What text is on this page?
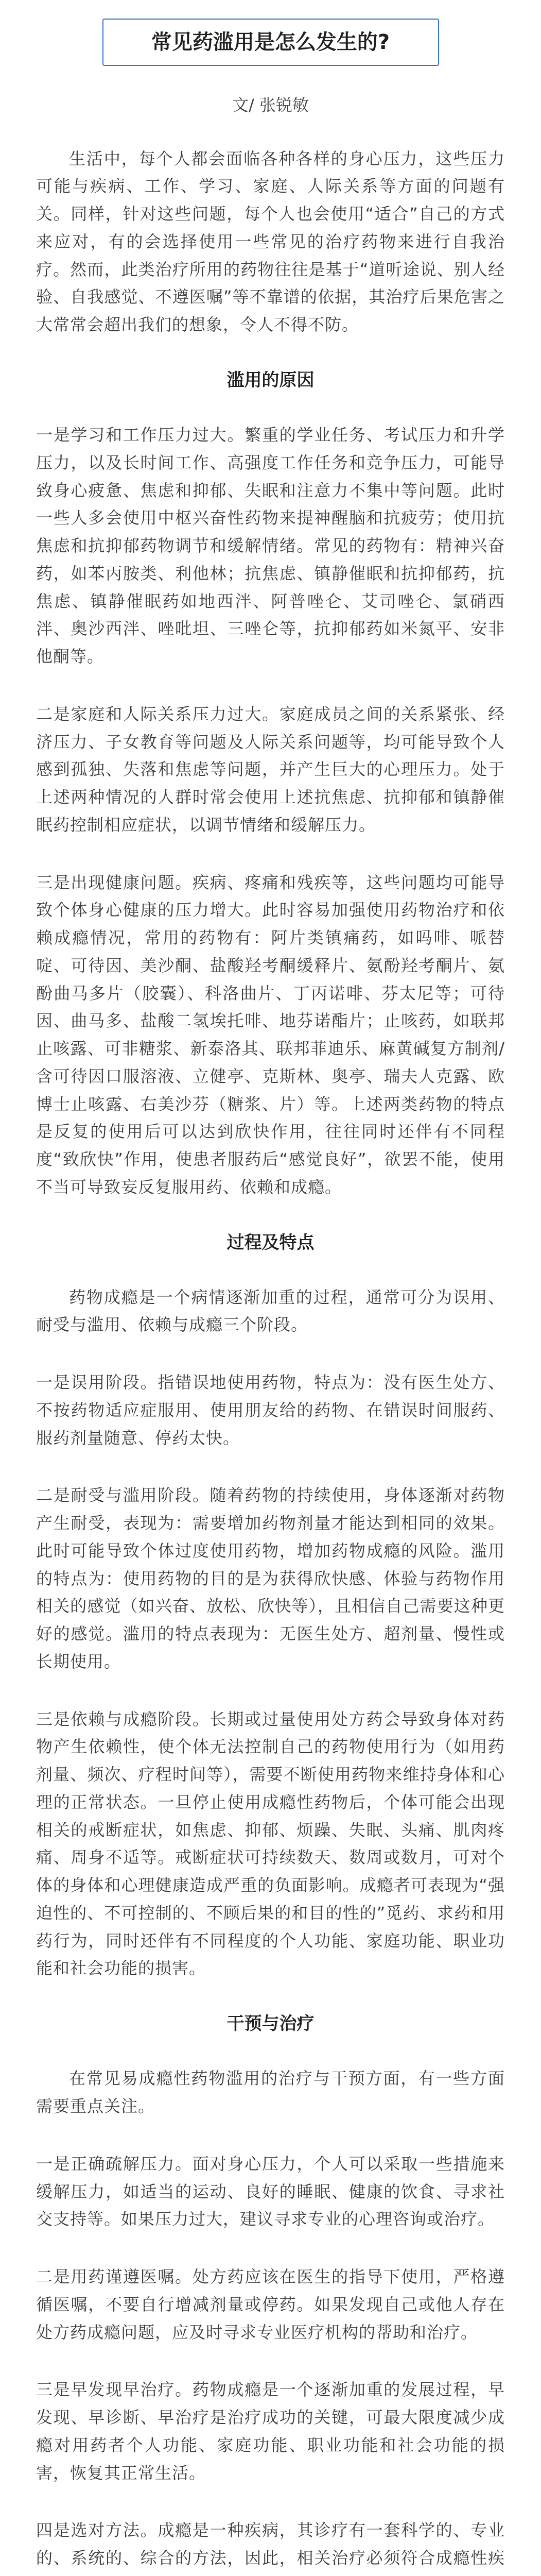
常见药滥用是怎么发生的?
文/ 张锐敏

生活中，每个人都会面临各种各样的身心压力，这些压力可能与疾病、工作、学习、家庭、人际关系等方面的问题有关。同样，针对这些问题，每个人也会使用“适合”自己的方式来应对，有的会选择使用一些常见的治疗药物来进行自我治疗。然而，此类治疗所用的药物往往是基于“道听途说、别人经验、自我感觉、不遵医嘱”等不靠谱的依据，其治疗后果危害之大常常会超出我们的想象，令人不得不防。

滥用的原因

一是学习和工作压力过大。繁重的学业任务、考试压力和升学压力，以及长时间工作、高强度工作任务和竞争压力，可能导致身心疲惫、焦虑和抑郁、失眠和注意力不集中等问题。此时一些人多会使用中枢兴奋性药物来提神醒脑和抗疲劳；使用抗焦虑和抗抑郁药物调节和缓解情绪。常见的药物有：精神兴奋药，如苯丙胺类、利他林；抗焦虑、镇静催眠和抗抑郁药，抗焦虑、镇静催眠药如地西泮、阿普唑仑、艾司唑仑、氯硝西泮、奥沙西泮、唑吡坦、三唑仑等，抗抑郁药如米氮平、安非他酮等。

二是家庭和人际关系压力过大。家庭成员之间的关系紧张、经济压力、子女教育等问题及人际关系问题等，均可能导致个人感到孤独、失落和焦虑等问题，并产生巨大的心理压力。处于上述两种情况的人群时常会使用上述抗焦虑、抗抑郁和镇静催眠药控制相应症状，以调节情绪和缓解压力。

三是出现健康问题。疾病、疼痛和残疾等，这些问题均可能导致个体身心健康的压力增大。此时容易加强使用药物治疗和依赖成瘾情况，常用的药物有：阿片类镇痛药，如吗啡、哌替啶、可待因、美沙酮、盐酸羟考酮缓释片、氨酚羟考酮片、氨酚曲马多片（胶囊）、科洛曲片、丁丙诺啡、芬太尼等；可待因、曲马多、盐酸二氢埃托啡、地芬诺酯片；止咳药，如联邦止咳露、可非糖浆、新泰洛其、联邦菲迪乐、麻黄碱复方制剂/含可待因口服溶液、立健亭、克斯林、奥亭、瑞夫人克露、欧博士止咳露、右美沙芬（糖浆、片）等。上述两类药物的特点是反复的使用后可以达到欣快作用，往往同时还伴有不同程度“致欣快”作用，使患者服药后“感觉良好”，欲罢不能，使用不当可导致妄反复服用药、依赖和成瘾。

过程及特点

药物成瘾是一个病情逐渐加重的过程，通常可分为误用、耐受与滥用、依赖与成瘾三个阶段。

一是误用阶段。指错误地使用药物，特点为：没有医生处方、不按药物适应症服用、使用朋友给的药物、在错误时间服药、服药剂量随意、停药太快。

二是耐受与滥用阶段。随着药物的持续使用，身体逐渐对药物产生耐受，表现为：需要增加药物剂量才能达到相同的效果。此时可能导致个体过度使用药物，增加药物成瘾的风险。滥用的特点为：使用药物的目的是为获得欣快感、体验与药物作用相关的感觉（如兴奋、放松、欣快等），且相信自己需要这种更好的感觉。滥用的特点表现为：无医生处方、超剂量、慢性或长期使用。

三是依赖与成瘾阶段。长期或过量使用处方药会导致身体对药物产生依赖性，使个体无法控制自己的药物使用行为（如用药剂量、频次、疗程时间等），需要不断使用药物来维持身体和心理的正常状态。一旦停止使用成瘾性药物后，个体可能会出现相关的戒断症状，如焦虑、抑郁、烦躁、失眠、头痛、肌肉疼痛、周身不适等。戒断症状可持续数天、数周或数月，可对个体的身体和心理健康造成严重的负面影响。成瘾者可表现为“强迫性的、不可控制的、不顾后果的和目的性的”觅药、求药和用药行为，同时还伴有不同程度的个人功能、家庭功能、职业功能和社会功能的损害。

干预与治疗

在常见易成瘾性药物滥用的治疗与干预方面，有一些方面需要重点关注。

一是正确疏解压力。面对身心压力，个人可以采取一些措施来缓解压力，如适当的运动、良好的睡眠、健康的饮食、寻求社交支持等。如果压力过大，建议寻求专业的心理咨询或治疗。

二是用药谨遵医嘱。处方药应该在医生的指导下使用，严格遵循医嘱，不要自行增减剂量或停药。如果发现自己或他人存在处方药成瘾问题，应及时寻求专业医疗机构的帮助和治疗。

三是早发现早治疗。药物成瘾是一个逐渐加重的发展过程，早发现、早诊断、早治疗是治疗成功的关键，可最大限度减少成瘾对用药者个人功能、家庭功能、职业功能和社会功能的损害，恢复其正常生活。

四是选对方法。成瘾是一种疾病，其诊疗有一套科学的、专业的、系统的、综合的方法，因此，相关治疗必须符合成瘾性疾
